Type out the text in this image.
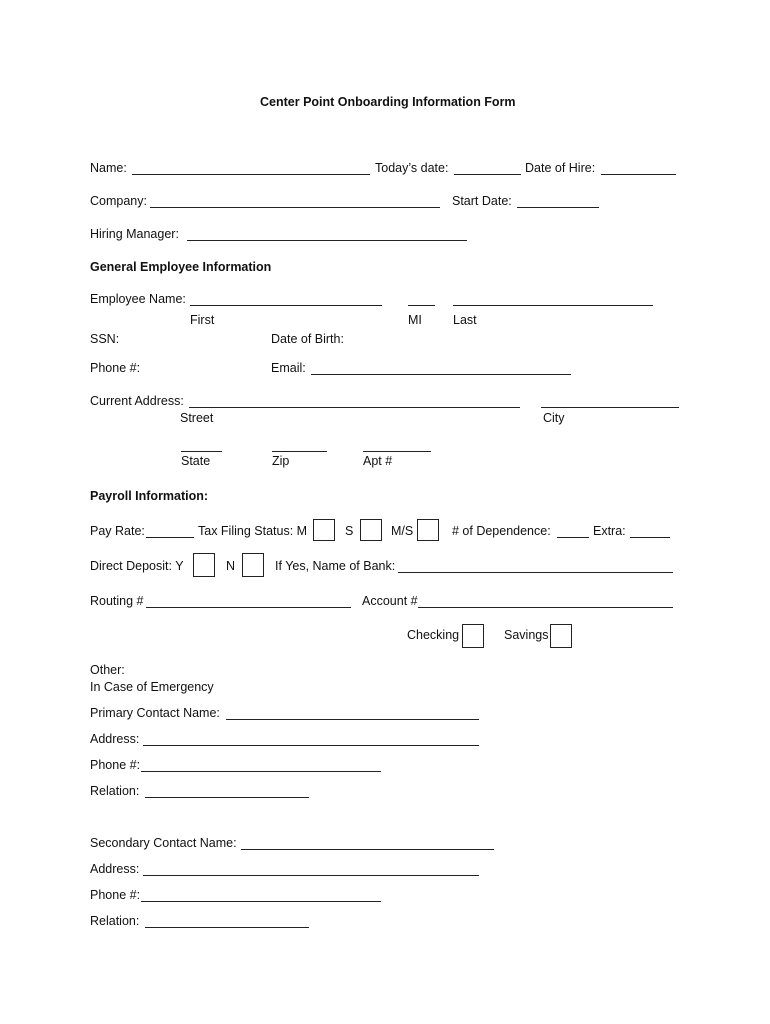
Center Point Onboarding Information Form
Name:	Today’s date:	Date of Hire:
Company:	Start Date:
Hiring Manager:
General Employee Information
Employee Name:
First	MI Last
SSN:	Date of Birth:
Phone #:	Email:
Current Address:
Street	City
State	Zip	Apt #
Payroll Information:
Pay Rate:	Tax Filing Status: M	S	M/S	# of Dependence:	Extra:
Direct Deposit: Y	N	If Yes, Name of Bank:
Routing #	Account #
Checking	Savings
Other:
In Case of Emergency
Primary Contact Name:
Address:
Phone #:
Relation:
Secondary Contact Name:
Address:
Phone #:
Relation:
